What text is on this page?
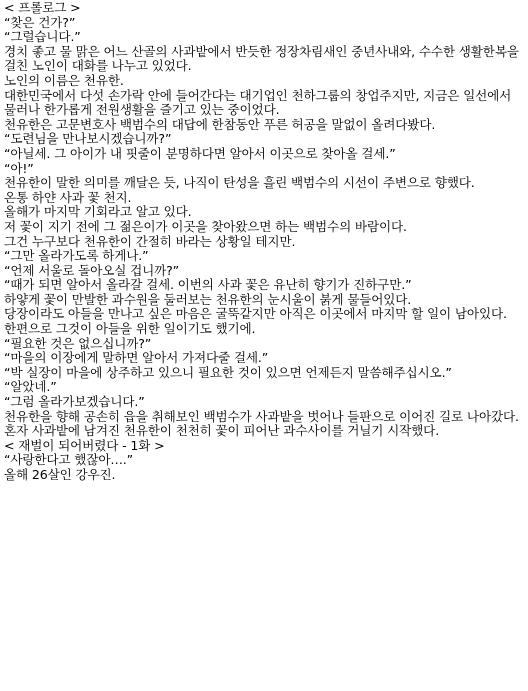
< 프롤로그 >

“찾은 건가?”

“그럴습니다.”

경치 좋고 물 맑은 어느 산골의 사과밭에서 반듯한 정장차림새인 중년사내와, 수수한 생활한복을 걸친 노인이 대화를 나누고 있었다.

노인의 이름은 천유한.

대한민국에서 다섯 손가락 안에 들어간다는 대기업인 천하그룹의 창업주지만, 지금은 일선에서 물러나 한가롭게 전원생활을 즐기고 있는 중이었다.

천유한은 고문변호사 백범수의 대답에 한참동안 푸른 허공을 말없이 올려다봤다.

“도련님을 만나보시겠습니까?”

“아닐세. 그 아이가 내 핏줄이 분명하다면 알아서 이곳으로 찾아올 걸세.”

“아!”

천유한이 말한 의미를 깨달은 듯, 나직이 탄성을 흘린 백범수의 시선이 주변으로 향했다.

온통 하얀 사과 꽃 천지.

올해가 마지막 기회라고 알고 있다.

저 꽃이 지기 전에 그 젊은이가 이곳을 찾아왔으면 하는 백범수의 바람이다.

그건 누구보다 천유한이 간절히 바라는 상황일 테지만.

“그만 올라가도록 하게나.”

“언제 서울로 돌아오실 겁니까?”

“때가 되면 알아서 올라갈 걸세. 이번의 사과 꽃은 유난히 향기가 진하구만.”

하얗게 꽃이 만발한 과수원을 둘러보는 천유한의 눈시울이 붉게 물들어있다.

당장이라도 아들을 만나고 싶은 마음은 굴뚝같지만 아직은 이곳에서 마지막 할 일이 남아있다.

한편으로 그것이 아들을 위한 일이기도 했기에.

“필요한 것은 없으십니까?”

“마을의 이장에게 말하면 알아서 가져다줄 걸세.”

“박 실장이 마을에 상주하고 있으니 필요한 것이 있으면 언제든지 말씀해주십시오.”

“알았네.”

“그럼 올라가보겠습니다.”

천유한을 향해 공손히 읍을 취해보인 백범수가 사과밭을 벗어나 들판으로 이어진 길로 나아갔다.

혼자 사과밭에 남겨진 천유한이 천천히 꽃이 피어난 과수사이를 거닐기 시작했다.

< 재벌이 되어버렸다 - 1화 >

“사랑한다고 했잖아….”

올해 26살인 강우진.
